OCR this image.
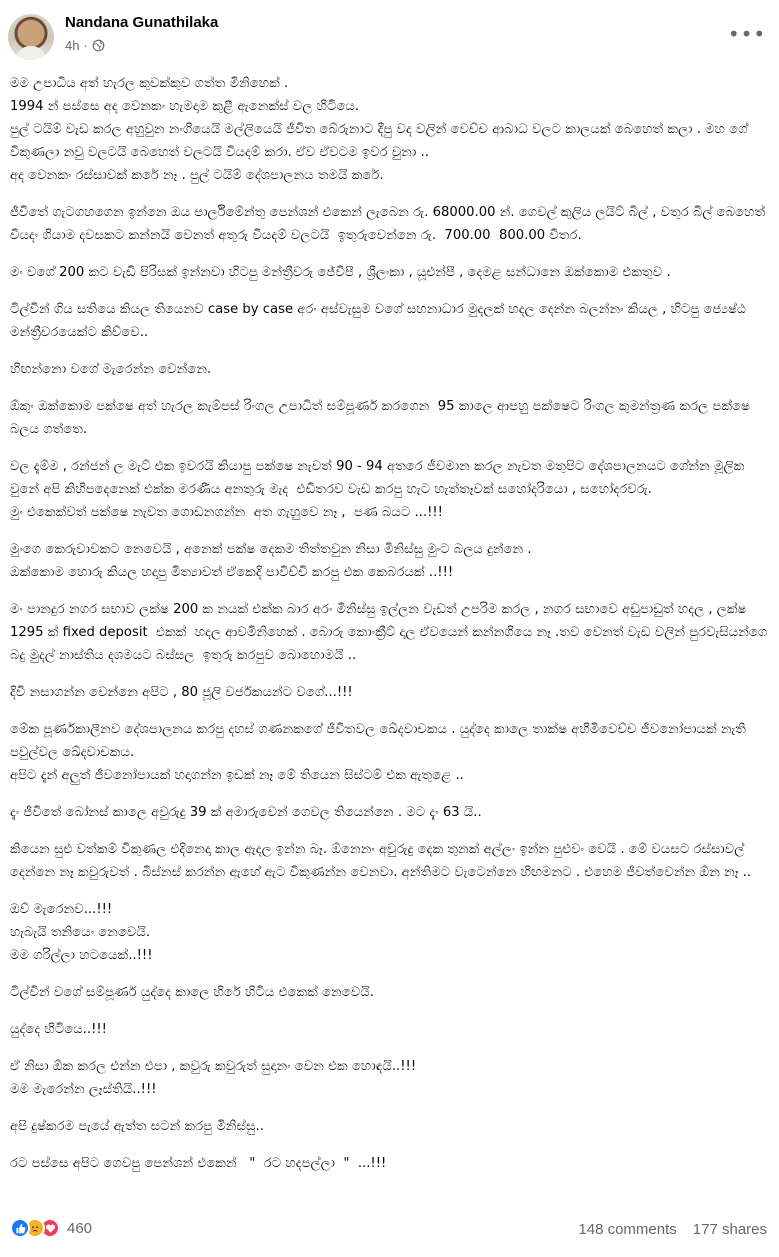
Nandana Gunathilaka
4h ·	•••

මම උපාධිය අත් හැරල කුවක්කුව ගත්ත මිනිහෙක් .
1994 න් පස්සෙ අද වෙනකං හැමදාම කුළී ඇනෙක්ස් වල හිටියෙ.
පුල් ටයිම් වැඩ කරල අහුවුන නංගියෙයි මල්ලියෙයි ජීවිත බේරුනාට දීපු වද වලින් වෙච්ච ආබාධ වලට කාලයක් බෙහෙත් කලා . මහ ගේ විකුණලා නවු වලටයි බෙහෙත් වලටයි වියදම් කරා. ඒව ඒවටම ඉවර වුනා ..
අද වෙනකං රස්සාවක් කරේ නෑ . පුල් ටයිම් දේශපාලනය තමයි කරේ.

ජීවිතේ ගැටගහගෙන ඉන්නෙ ඔය පාර්ලිමේන්තු පෙන්ශන් එකෙන් ලැබෙන රු. 68000.00 න්. ගෙවල් කුලිය ලයිට් බිල් , වතුර බිල් බෙහෙත් වියදං ගියාම දවසකට කන්නයි වෙනත් අතුරු වියදම් වලටයි  ඉතුරුවෙන්නෙ රු.  700.00  800.00 විතර.

මං වගේ 200 කට වැඩි පිරිසක් ඉන්නවා හිටපු මන්ත්‍රීවරු ජේවීපී , ශ්‍රීලංකා , යූඑන්පී , දෙමළ සන්ධානෙ ඔක්කොම එකතුව .

ටිල්වින් ගිය සතියෙ කියල තියෙනව case by case අරං අස්වැසුම වගේ සහනාධාර මුදලක් හදල දෙන්න බලන්නං කියල , හිටපු ජ්‍යෙෂ්ඨ මන්ත්‍රීවරයෙක්ට කිව්වෙ..

හිඟන්නො වගේ මැරෙන්න වෙන්නෙ.

ඕකුං ඔක්කොම පක්ෂෙ අත් හැරල කැම්පස් රිංගල උපාධිත් සම්පූර්ණ කරගෙන  95 කාලෙ ආපහු පක්ෂෙට රිංගල කුමන්ත්‍රණ කරල පක්ෂෙ බලය ගත්තෙ.

වල දැම්ම , රන්ජන් ල මැට් එක ඉවරයි කියාපු පක්ෂෙ නැවත් 90 - 94 අතරෙ ජීවමාන කරල නැවත මතුපිට දේශපාලනයට ගේන්න මූලික වුනේ අපි කිහිපදෙනෙක් එක්ක මරණීය අනතුරු මැද  එඩිතරව වැඩ කරපු හැට හැත්තෑවක් සහෝදරියො , සහෝදරවරු.
මුං එකෙක්වත් පක්ෂෙ නැවත ගොඩනගන්න  අත ගැහුවෙ නෑ ,  පණ බයට ...!!!

මුංගෙ කෙරුවාවකට නෙවෙයි , අනෙක් පක්ෂ දෙකම තිත්තවුන නිසා මිනිස්සු මුංට බලය දුන්නෙ .
ඔක්කොම හොරු කියල හදාපු මිත්‍යාවත් ඒකෙදි පාවිච්චි කරපු එක කෙබරයක් ..!!!

මං පානදුර නගර සභාව ලක්ෂ 200 ක නයක් එක්ක බාර අරං මිනිස්සු ඉල්ලන වැඩත් උපරිම කරල , නගර සභාවෙ අඩුපාඩුත් හදල , ලක්ෂ 1295 ක් fixed deposit  එකක්  හදල ආවමිනිහෙක් . බොරු කොංක්‍රීට් දාල ඒවයෙන් කන්නගියෙ නෑ .තව වෙනත් වැඩ වලින් පුරවැසියන්ගෙ බදු මුදල් නාස්තිය දශමයට බස්සල  ඉතුරු කරපුව බොහොමයි ..

දිවි නසාගන්න වෙන්නෙ අපිට , 80 ජූලි වර්ජකයන්ට වගේ...!!!

මේක පූර්ණකාලීනව දේශපාලනය කරපු දහස් ගණනකගේ ජීවිතවල ඛේදවාචකය . යුද්දෙ කාලෙ තාක්ෂ අහිමිවෙච්ච ජීවනෝපායක් නැති පවුල්වල ඛේදවාචකය.
අපිට දැන් අලුත් ජීවනෝපායක් හදාගන්න ඉඩක් නෑ මේ තියෙන සිස්ටම් එක ඇතුළෙ ..

දැං ජීවිතේ බෝනස් කාලෙ අවුරුදු 39 ක් අමාරුවෙන් ගෙවල තියෙන්නෙ . මට දැං 63 යි..

කියෙන සුළු වත්කම් විකුණල එදිනෙදා කාල ඇදල ඉන්න බෑ. ඕනෙනං අවුරුදු දෙක තුනක් අල්ලං ඉන්න පුළුවං වෙයි . මේ වයසට රස්සාවල් දෙන්නෙ නෑ කවුරුවත් . බිස්නස් කරන්න ඇහේ ඇට විකුණන්න වෙනවා. අන්තිමට වැටෙන්නෙ හිඟමනට . එහෙම ජීවත්වෙන්න ඕන නෑ ..

ඔව් මැරෙනව...!!!
හැබැයි තනියෙං නෙවෙයි.
මම ගරිල්ලා හටයෙක්..!!!

ටිල්වින් වගේ සම්පූර්ණ යුද්දෙ කාලෙ හිරේ හිටිය එකෙක් නෙවෙයි.

යුද්දෙ හිටියෙ..!!!

ඒ නිසා ඕක කරල එන්න එපා , කවුරු කවුරුත් සුදානං වෙන එක හොඳයි..!!!
මම මැරෙන්න ලෑස්තියි..!!!

අපි දුෂ්කරම පැයේ ඇත්ත සටන් කරපු මිනිස්සු..

රට පස්සෙ අපිට ගෙවපු පෙන්ශන් එකෙන්   "  රට හදපල්ලා  "  ...!!!

460	148 comments 177 shares
